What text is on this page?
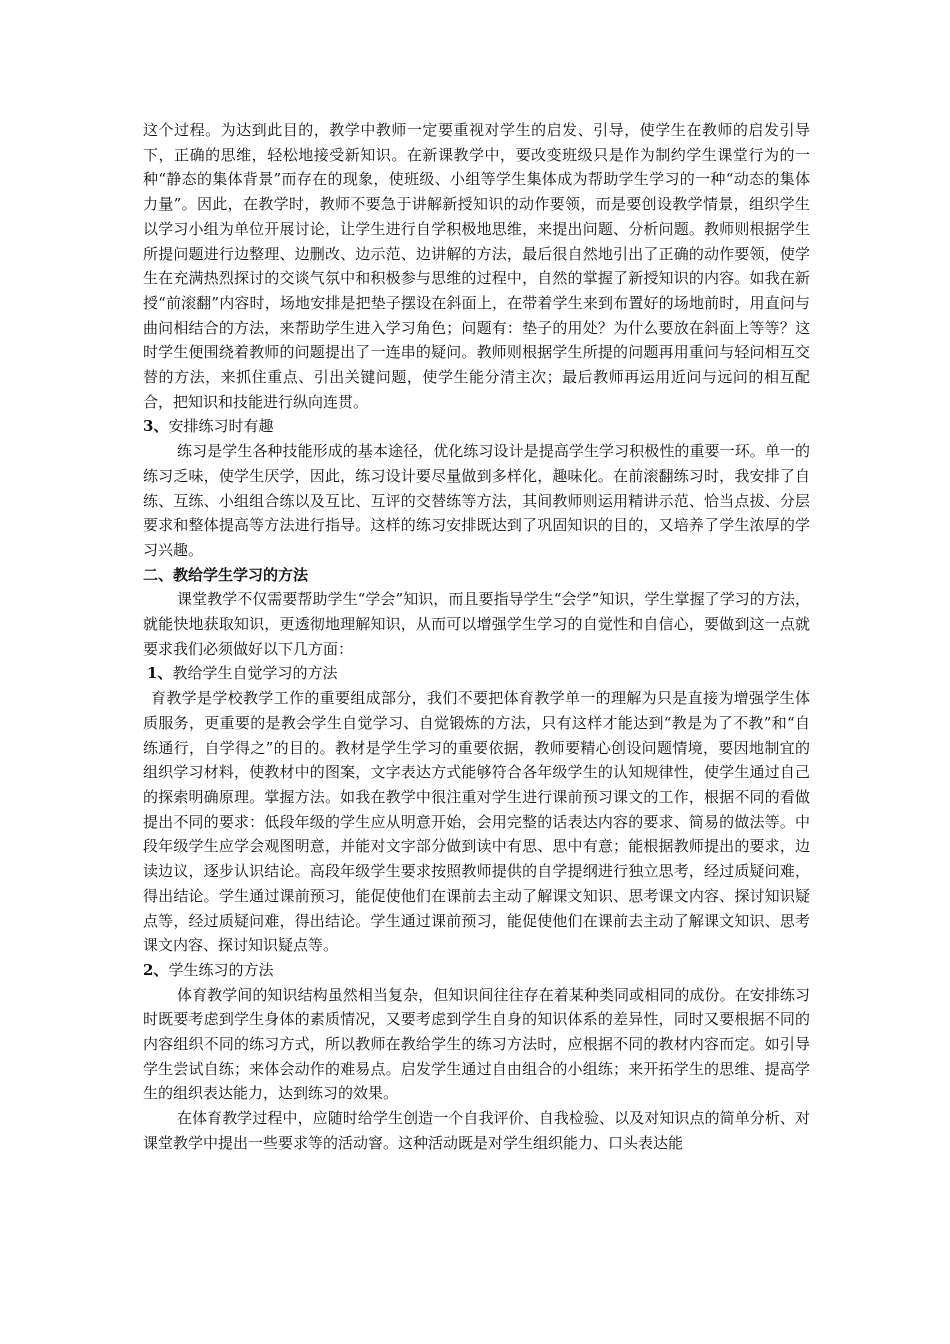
这个过程。为达到此目的，教学中教师一定要重视对学生的启发、引导，使学生在教师的启发引导下，正确的思维，轻松地接受新知识。在新课教学中，要改变班级只是作为制约学生课堂行为的一种“静态的集体背景”而存在的现象，使班级、小组等学生集体成为帮助学生学习的一种“动态的集体力量”。因此，在教学时，教师不要急于讲解新授知识的动作要领，而是要创设教学情景，组织学生以学习小组为单位开展讨论，让学生进行自学积极地思维，来提出问题、分析问题。教师则根据学生所提问题进行边整理、边删改、边示范、边讲解的方法，最后很自然地引出了正确的动作要领，使学生在充满热烈探讨的交谈气氛中和积极参与思维的过程中，自然的掌握了新授知识的内容。如我在新授“前滚翻”内容时，场地安排是把垫子摆设在斜面上，在带着学生来到布置好的场地前时，用直问与曲问相结合的方法，来帮助学生进入学习角色；问题有：垫子的用处？为什么要放在斜面上等等？这时学生便围绕着教师的问题提出了一连串的疑问。教师则根据学生所提的问题再用重问与轻问相互交替的方法，来抓住重点、引出关键问题，使学生能分清主次；最后教师再运用近问与远问的相互配合，把知识和技能进行纵向连贯。

3、安排练习时有趣

练习是学生各种技能形成的基本途径，优化练习设计是提高学生学习积极性的重要一环。单一的练习乏味，使学生厌学，因此，练习设计要尽量做到多样化，趣味化。在前滚翻练习时，我安排了自练、互练、小组组合练以及互比、互评的交替练等方法，其间教师则运用精讲示范、恰当点拔、分层要求和整体提高等方法进行指导。这样的练习安排既达到了巩固知识的目的，又培养了学生浓厚的学习兴趣。

二、教给学生学习的方法

课堂教学不仅需要帮助学生“学会”知识，而且要指导学生“会学”知识，学生掌握了学习的方法，就能快地获取知识，更透彻地理解知识，从而可以增强学生学习的自觉性和自信心，要做到这一点就要求我们必须做好以下几方面：

1、教给学生自觉学习的方法

育教学是学校教学工作的重要组成部分，我们不要把体育教学单一的理解为只是直接为增强学生体质服务，更重要的是教会学生自觉学习、自觉锻炼的方法，只有这样才能达到“教是为了不教”和“自练通行，自学得之”的目的。教材是学生学习的重要依据，教师要精心创设问题情境，要因地制宜的组织学习材料，使教材中的图案，文字表达方式能够符合各年级学生的认知规律性，使学生通过自己的探索明确原理。掌握方法。如我在教学中很注重对学生进行课前预习课文的工作，根据不同的看做提出不同的要求：低段年级的学生应从明意开始，会用完整的话表达内容的要求、简易的做法等。中段年级学生应学会观图明意，并能对文字部分做到读中有思、思中有意；能根据教师提出的要求，边读边议，逐步认识结论。高段年级学生要求按照教师提供的自学提纲进行独立思考，经过质疑问难，得出结论。学生通过课前预习，能促使他们在课前去主动了解课文知识、思考课文内容、探讨知识疑点等，经过质疑问难，得出结论。学生通过课前预习，能促使他们在课前去主动了解课文知识、思考课文内容、探讨知识疑点等。

2、学生练习的方法

体育教学间的知识结构虽然相当复杂，但知识间往往存在着某种类同或相同的成份。在安排练习时既要考虑到学生身体的素质情况，又要考虑到学生自身的知识体系的差异性，同时又要根据不同的内容组织不同的练习方式，所以教师在教给学生的练习方法时，应根据不同的教材内容而定。如引导学生尝试自练；来体会动作的难易点。启发学生通过自由组合的小组练；来开拓学生的思维、提高学生的组织表达能力，达到练习的效果。

在体育教学过程中，应随时给学生创造一个自我评价、自我检验、以及对知识点的简单分析、对课堂教学中提出一些要求等的活动窨。这种活动既是对学生组织能力、口头表达能
